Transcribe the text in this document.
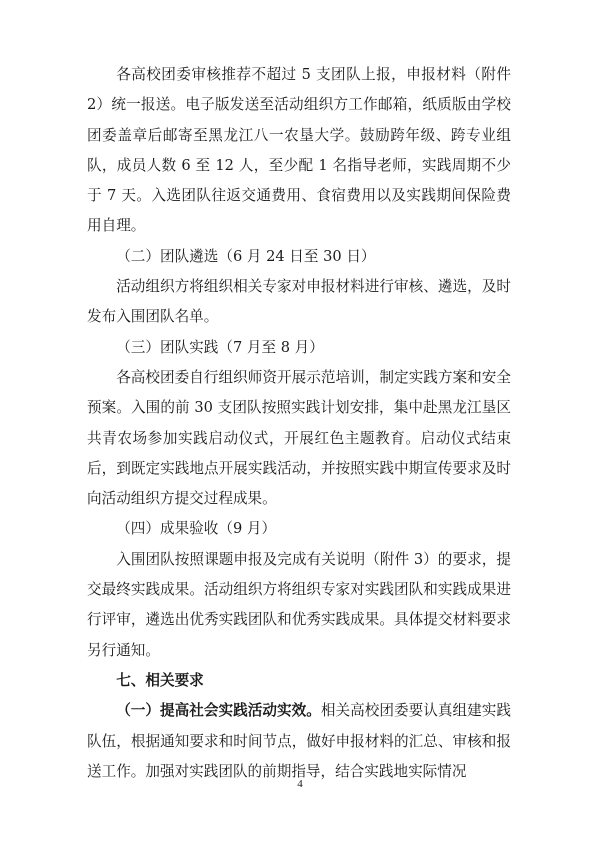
各高校团委审核推荐不超过 5 支团队上报，申报材料（附件 2）统一报送。电子版发送至活动组织方工作邮箱，纸质版由学校团委盖章后邮寄至黑龙江八一农垦大学。鼓励跨年级、跨专业组队，成员人数 6 至 12 人，至少配 1 名指导老师，实践周期不少于 7 天。入选团队往返交通费用、食宿费用以及实践期间保险费用自理。

（二）团队遴选（6 月 24 日至 30 日）

活动组织方将组织相关专家对申报材料进行审核、遴选，及时发布入围团队名单。

（三）团队实践（7 月至 8 月）

各高校团委自行组织师资开展示范培训，制定实践方案和安全预案。入围的前 30 支团队按照实践计划安排，集中赴黑龙江垦区共青农场参加实践启动仪式，开展红色主题教育。启动仪式结束后，到既定实践地点开展实践活动，并按照实践中期宣传要求及时向活动组织方提交过程成果。

（四）成果验收（9 月）

入围团队按照课题申报及完成有关说明（附件 3）的要求，提交最终实践成果。活动组织方将组织专家对实践团队和实践成果进行评审，遴选出优秀实践团队和优秀实践成果。具体提交材料要求另行通知。

七、相关要求

（一）提高社会实践活动实效。相关高校团委要认真组建实践队伍，根据通知要求和时间节点，做好申报材料的汇总、审核和报送工作。加强对实践团队的前期指导，结合实践地实际情况

4
